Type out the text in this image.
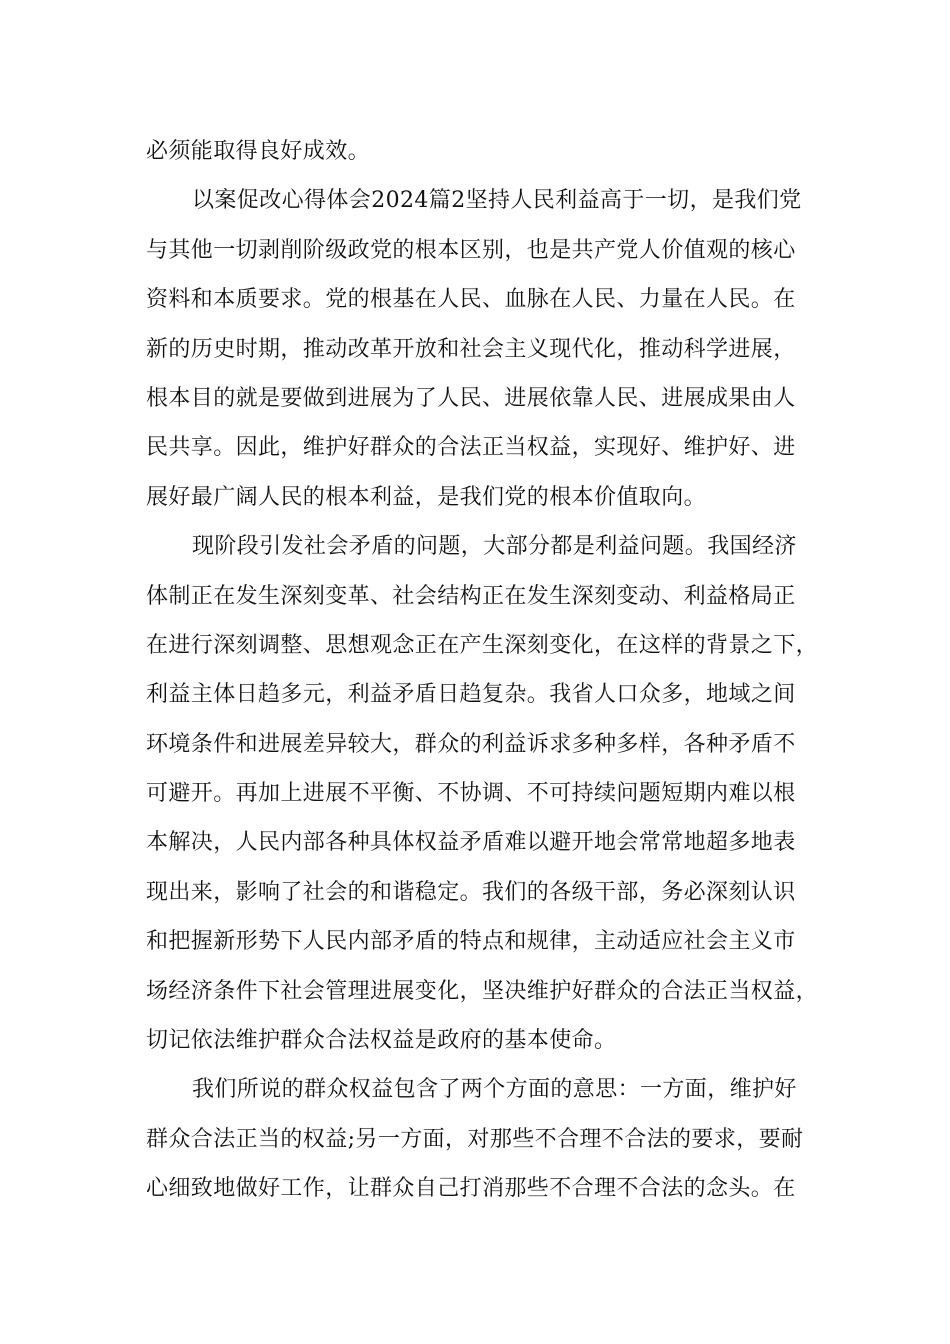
必须能取得良好成效。
以案促改心得体会2024篇2坚持人民利益高于一切，是我们党
与其他一切剥削阶级政党的根本区别，也是共产党人价值观的核心
资料和本质要求。党的根基在人民、血脉在人民、力量在人民。在
新的历史时期，推动改革开放和社会主义现代化，推动科学进展，
根本目的就是要做到进展为了人民、进展依靠人民、进展成果由人
民共享。因此，维护好群众的合法正当权益，实现好、维护好、进
展好最广阔人民的根本利益，是我们党的根本价值取向。
现阶段引发社会矛盾的问题，大部分都是利益问题。我国经济
体制正在发生深刻变革、社会结构正在发生深刻变动、利益格局正
在进行深刻调整、思想观念正在产生深刻变化，在这样的背景之下，
利益主体日趋多元，利益矛盾日趋复杂。我省人口众多，地域之间
环境条件和进展差异较大，群众的利益诉求多种多样，各种矛盾不
可避开。再加上进展不平衡、不协调、不可持续问题短期内难以根
本解决，人民内部各种具体权益矛盾难以避开地会常常地超多地表
现出来，影响了社会的和谐稳定。我们的各级干部，务必深刻认识
和把握新形势下人民内部矛盾的特点和规律，主动适应社会主义市
场经济条件下社会管理进展变化，坚决维护好群众的合法正当权益，
切记依法维护群众合法权益是政府的基本使命。
我们所说的群众权益包含了两个方面的意思：一方面，维护好
群众合法正当的权益;另一方面，对那些不合理不合法的要求，要耐
心细致地做好工作，让群众自己打消那些不合理不合法的念头。在
